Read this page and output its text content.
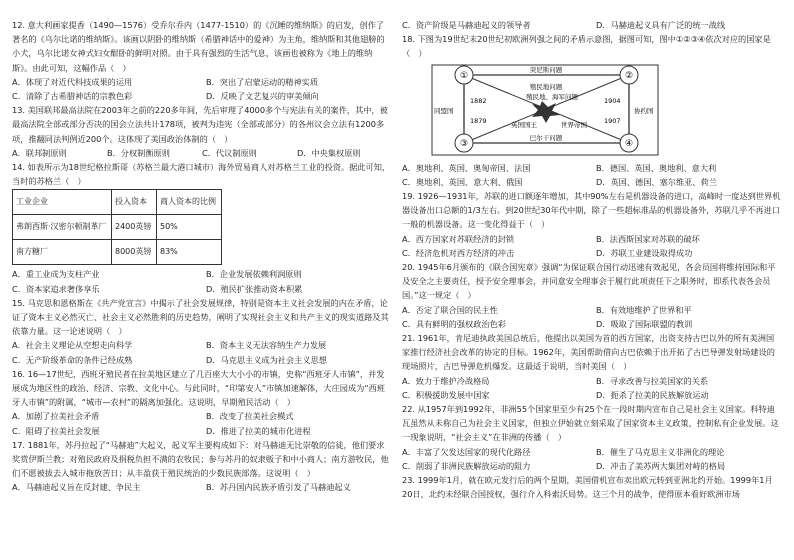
12. 意大利画家提香（1490—1576）受乔尔乔内（1477-1510）的《沉睡的维纳斯》的启发，创作了著名的《乌尔比诺的维纳斯》。该画以阴卧的维纳斯（希腊神话中的爱神）为主角，维纳斯和其他翅膀的小犬，乌尔比诺女神式妇女酣卧的鲜明对照。由于具有强烈的生活气息，该画也被称为《地上的维纳斯》。由此可知，这幅作品（　）

A．体现了对近代科技成果的运用	B．突出了启蒙运动的精神实质
C．清除了古希腊神话的宗教色彩	D．反映了文艺复兴的审美倾向

13. 美国联邦最高法院在2003年之前的220多年间，先后审理了4000多个与宪法有关的案件，其中，被最高法院全部或部分否决的国会立法共计178项，被判为违宪（全部或部分）的各州议会立法有1200多项，推翻同法判例近200个。这体现了美国政治体制的（　）

A．联邦制原则	B．分权制衡原则	C．代议制原则	D．中央集权原则

14. 如表所示为18世纪格拉斯哥（苏格兰最大港口城市）海外贸易商人对苏格兰工业的投资。据此可知，当时的苏格兰（　）

工业企业	投入资本	商人资本的比例
弗朗西斯·汉密尔顿制革厂	2400英镑	50%
南方糖厂	8000英镑	83%
A．重工业成为支柱产业	B．企业发展依赖利润原则
C．资本家追求奢侈享乐	D．殖民扩张推动资本积累

15. 马克思和恩格斯在《共产党宣言》中揭示了社会发展规律，特别是资本主义社会发展的内在矛盾，论证了资本主义必然灭亡、社会主义必然胜利的历史趋势，阐明了实现社会主义和共产主义的现实道路及其依靠力量。这一论述说明（　）

A．社会主义理论从空想走向科学	B．资本主义无法容纳生产力发展
C．无产阶级革命的条件已经成熟	D．马克思主义成为社会主义思想

16. 16—17世纪，西班牙殖民者在拉美地区建立了几百座大大小小的市镇，史称“西班牙人市镇”，并发展成为地区性的政治、经济、宗教、文化中心。与此同时，“印第安人”市镇加速解体，大庄园成为“西班牙人市镇”的附属，“城市—农村”的隔离加强化。这说明，早期殖民活动（　）

A．加剧了拉美社会矛盾	B．改变了拉美社会模式
C．阻碍了拉美社会发展	D．推进了拉美的城市化进程

17. 1881年，苏丹拉起了“马赫迪”大起义，起义军主要构成如下：对马赫迪无比崇敬的信徒，他们要求奖赏伊斯兰教；对殖民政府及捐税负担不满的农牧民；参与苏丹的奴隶贩子和中小商人；南方游牧民，他们不愿被拔去入城市拖放苦日；从丰盈获于殖民统治的少数民族部落。这说明（　）

A．马赫迪起义旨在反封建、争民主	B．苏丹国内民族矛盾引发了马赫迪起义
C．资产阶级是马赫迪起义的领导者	D．马赫迪起义具有广泛的统一战线

18. 下图为19世纪末20世纪初欧洲列强之间的矛盾示意图，据图可知，图中①②③④依次对应的国家是（　）

①	②
③	④
突尼斯问题
殖民地问题
殖民地、海军问题
巴尔干问题
英国国王	世界帝国
1882	1904
1879	1907
同盟国	协约国
A．奥地利、英国、奥匈帝国、法国	B．德国、英国、奥地利、意大利
C．奥地利、英国、意大利、俄国	D．英国、德国、塞尔维亚、荷兰

19. 1926—1931年，苏联的进口额逐年增加，其中90%左右是机器设备的进口，高峰时一度达到世界机器设备出口总额的1/3左右。到20世纪30年代中期，除了一些超标准品的机器设备外，苏联几乎不再进口一般的机器设备。这一变化得益于（　）

A．西方国家对苏联经济的封锁	B．法西斯国家对苏联的破坏
C．经济危机对西方经济的冲击	D．苏联工业建设取得成功

20. 1945年6月颁布的《联合国宪章》强调“为保证联合国行动迅速有效起见，各会员国将维持国际和平及安全之主要责任，授予安全理事会，并同意安全理事会于履行此项责任下之职务时，即系代表各会员国。”这一规定（　）

A．否定了联合国的民主性	B．有效地维护了世界和平
C．具有鲜明的强权政治色彩	D．吸取了国际联盟的教训

21. 1961年，肯尼迪执政美国总统后，他提出以美国为首的西方国家，出资支持古巴以外的所有美洲国家推行经济社会改革的协定的目标。1962年，美国帮助借向古巴依赖于出开拓了古巴导弹发射场建设的现场照片，古巴导弹危机爆发。这最适于说明，当时美国（　）

A．致力于维护冷战格局	B．寻求改善与拉美国家的关系
C．积极援助发展中国家	D．扼杀了拉美的民族解放运动

22. 从1957年到1992年，非洲55个国家里至少有25个在一段时期内宣布自己是社会主义国家。科特迪瓦虽然从未称自己为社会主义国家，但独立伊始就立刻采取了国家资本主义政策，控制私有企业发展。这一现象说明，“社会主义”在非洲的传播（　）

A．丰富了欠发达国家的现代化路径	B．催生了马克思主义非洲化的理论
C．削弱了非洲民族解放运动的阻力	D．冲击了美苏两大集团对峙的格局

23. 1999年1月，就在欧元发行后的两个星期，美国借机宣布卖出欧元转到亚洲北约开始。1999年1月20日，北约未经联合国授权，强行介入科索沃局势。这三个月的战争，使得原本看好欧洲市场
